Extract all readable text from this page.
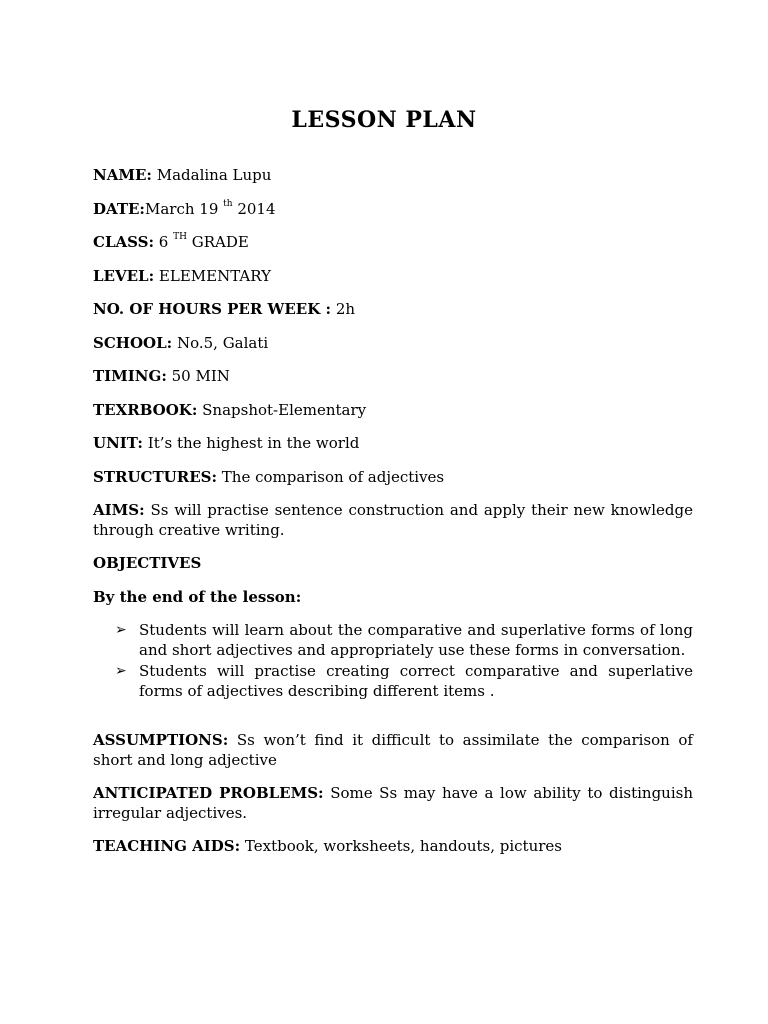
LESSON PLAN

NAME: Madalina Lupu

DATE:March 19 $^{th}$ 2014

CLASS: 6 $^{TH}$ GRADE

LEVEL: ELEMENTARY

NO. OF HOURS PER WEEK : 2h

SCHOOL: No.5, Galati

TIMING: 50 MIN

TEXRBOOK: Snapshot-Elementary

UNIT: It’s the highest in the world

STRUCTURES: The comparison of adjectives

AIMS: Ss will practise sentence construction and apply their new knowledge through creative writing.

OBJECTIVES

By the end of the lesson:

➢ Students will learn about the comparative and superlative forms of long and short adjectives and appropriately use these forms in conversation.
➢ Students will practise creating correct comparative and superlative forms of adjectives describing different items .

ASSUMPTIONS: Ss won’t find it difficult to assimilate the comparison of short and long adjective

ANTICIPATED PROBLEMS: Some Ss may have a low ability to distinguish irregular adjectives.

TEACHING AIDS: Textbook, worksheets, handouts, pictures
